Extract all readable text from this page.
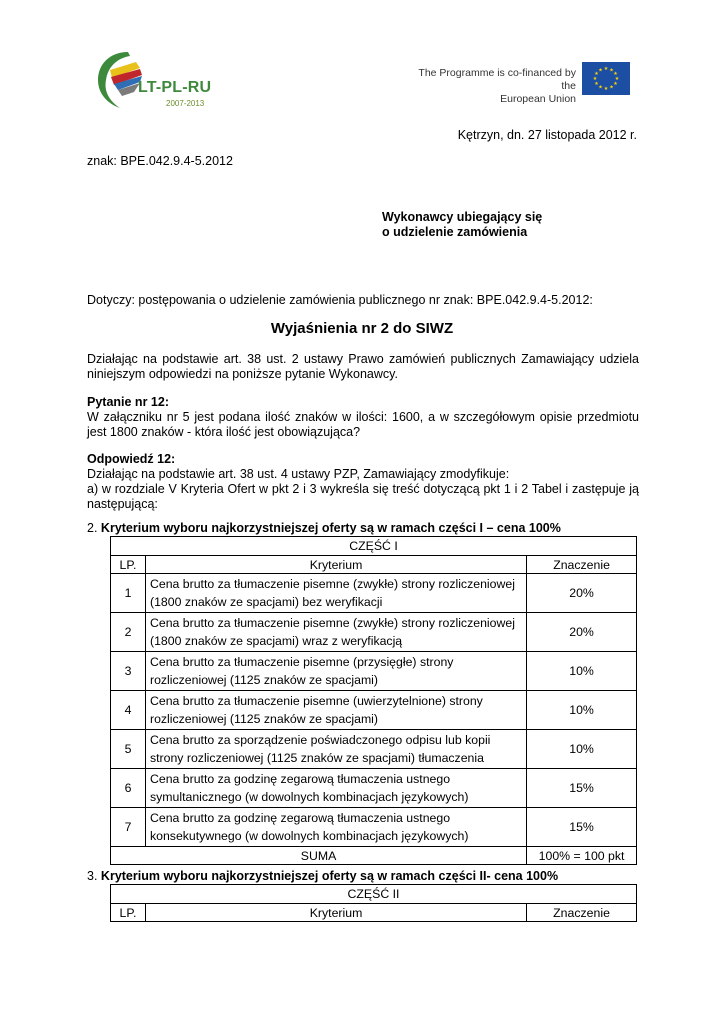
LT-PL-RU
2007-2013
The Programme is co-financed by the
European Union
★ ★
★
★
★
★
★
★
★
★
★
★
Kętrzyn, dn. 27 listopada 2012 r.
znak: BPE.042.9.4-5.2012
Wykonawcy ubiegający się
o udzielenie zamówienia
Dotyczy: postępowania o udzielenie zamówienia publicznego nr znak: BPE.042.9.4-5.2012:
Wyjaśnienia nr 2 do SIWZ
Działając na podstawie art. 38 ust. 2 ustawy Prawo zamówień publicznych Zamawiający udziela niniejszym odpowiedzi na poniższe pytanie Wykonawcy.
Pytanie nr 12:
W załączniku nr 5 jest podana ilość znaków w ilości: 1600, a w szczegółowym opisie przedmiotu jest 1800 znaków - która ilość jest obowiązująca?
Odpowiedź 12:
Działając na podstawie art. 38 ust. 4 ustawy PZP, Zamawiający zmodyfikuje:
a) w rozdziale V Kryteria Ofert w pkt 2 i 3 wykreśla się treść dotyczącą pkt 1 i 2 Tabel i zastępuje ją następującą:
2. Kryterium wyboru najkorzystniejszej oferty są w ramach części I – cena 100%
CZĘŚĆ I		
LP.	Kryterium	Znaczenie
1	Cena brutto za tłumaczenie pisemne (zwykłe) strony rozliczeniowej
(1800 znaków ze spacjami) bez weryfikacji	20%
2	Cena brutto za tłumaczenie pisemne (zwykłe) strony rozliczeniowej
(1800 znaków ze spacjami) wraz z weryfikacją	20%
3	Cena brutto za tłumaczenie pisemne (przysięgłe) strony
rozliczeniowej (1125 znaków ze spacjami)	10%
4	Cena brutto za tłumaczenie pisemne (uwierzytelnione) strony
rozliczeniowej (1125 znaków ze spacjami)	10%
5	Cena brutto za sporządzenie poświadczonego odpisu lub kopii
strony rozliczeniowej (1125 znaków ze spacjami) tłumaczenia	10%
6	Cena brutto za godzinę zegarową tłumaczenia ustnego
symultanicznego (w dowolnych kombinacjach językowych)	15%
7	Cena brutto za godzinę zegarową tłumaczenia ustnego
konsekutywnego (w dowolnych kombinacjach językowych)	15%
SUMA		100% = 100 pkt
3. Kryterium wyboru najkorzystniejszej oferty są w ramach części II- cena 100%
CZĘŚĆ II
LP.	Kryterium	Znaczenie
